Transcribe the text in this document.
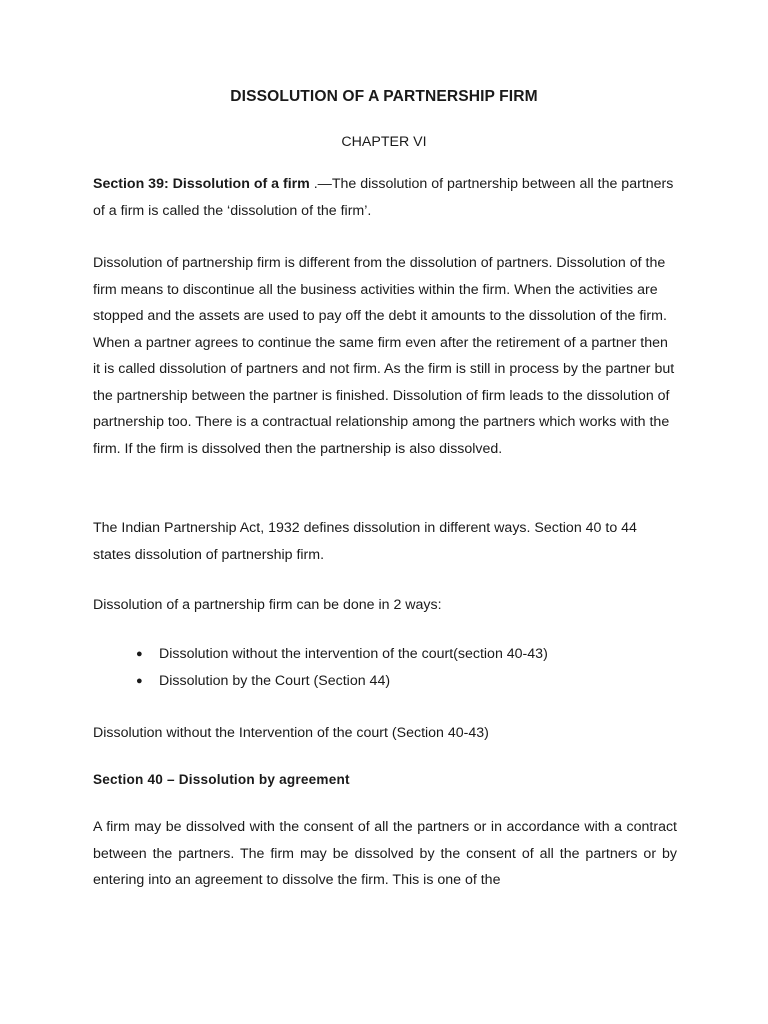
DISSOLUTION OF A PARTNERSHIP FIRM
CHAPTER VI

Section 39: Dissolution of a firm .—The dissolution of partnership between all the partners of a firm is called the ‘dissolution of the firm’.

Dissolution of partnership firm is different from the dissolution of partners. Dissolution of the firm means to discontinue all the business activities within the firm. When the activities are stopped and the assets are used to pay off the debt it amounts to the dissolution of the firm. When a partner agrees to continue the same firm even after the retirement of a partner then it is called dissolution of partners and not firm. As the firm is still in process by the partner but the partnership between the partner is finished. Dissolution of firm leads to the dissolution of partnership too. There is a contractual relationship among the partners which works with the firm. If the firm is dissolved then the partnership is also dissolved.

The Indian Partnership Act, 1932 defines dissolution in different ways. Section 40 to 44 states dissolution of partnership firm.

Dissolution of a partnership firm can be done in 2 ways:

● Dissolution without the intervention of the court(section 40-43)
● Dissolution by the Court (Section 44)

Dissolution without the Intervention of the court (Section 40-43)

Section 40 – Dissolution by agreement

A firm may be dissolved with the consent of all the partners or in accordance with a contract between the partners. The firm may be dissolved by the consent of all the partners or by entering into an agreement to dissolve the firm. This is one of the
